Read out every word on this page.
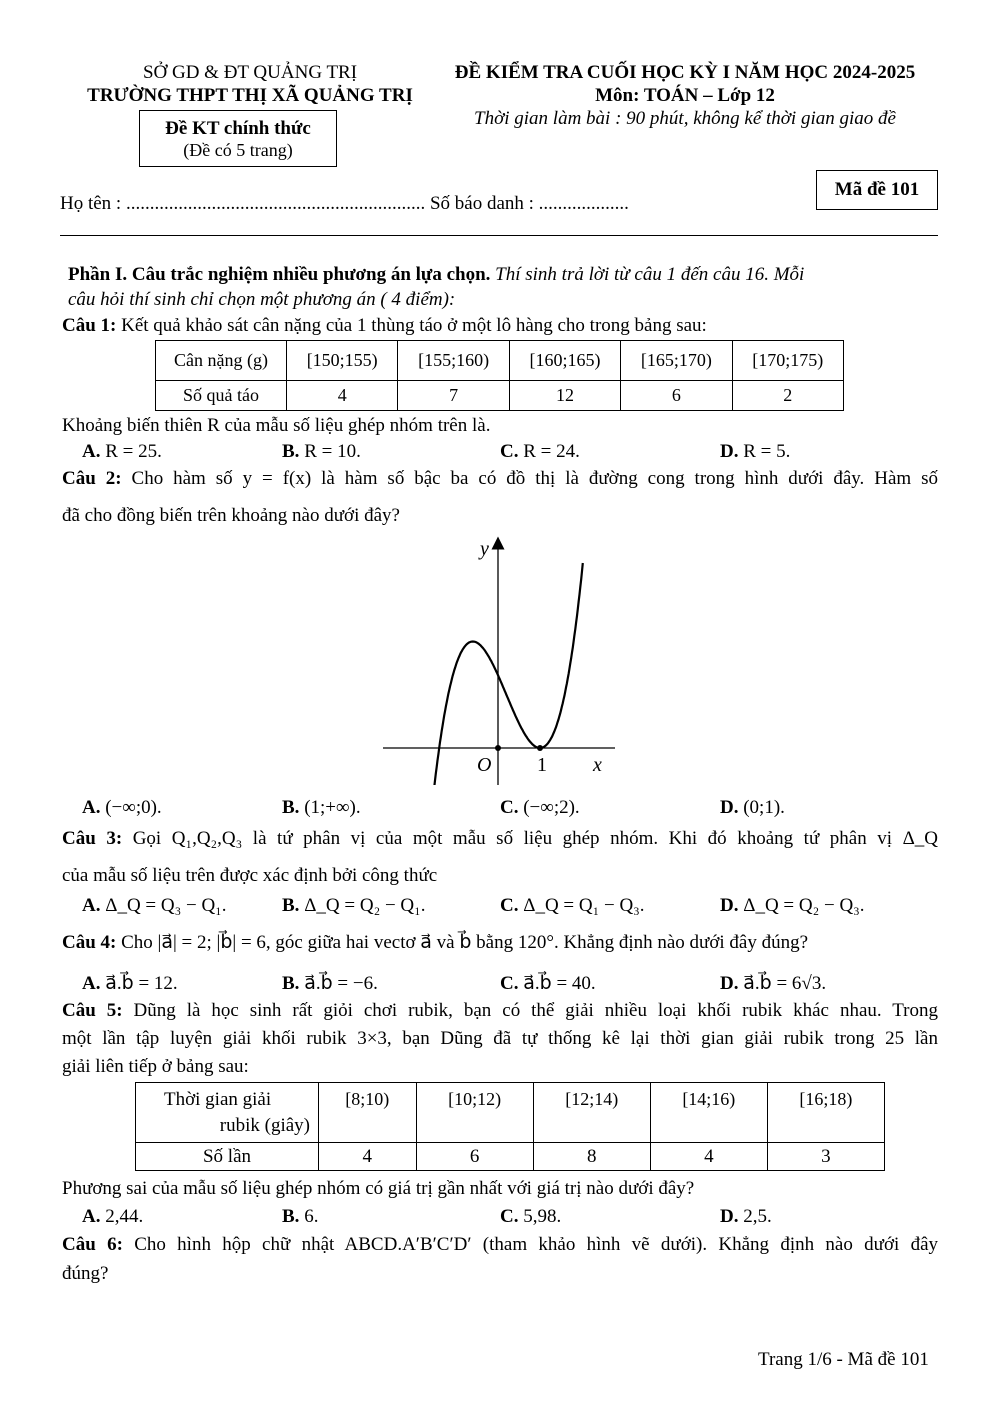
SỞ GD & ĐT QUẢNG TRỊ
TRƯỜNG THPT THỊ XÃ QUẢNG TRỊ
Đề KT chính thức
(Đề có 5 trang)
ĐỀ KIỂM TRA CUỐI HỌC KỲ I NĂM HỌC 2024-2025
Môn: TOÁN – Lớp 12
Thời gian làm bài : 90 phút, không kể thời gian giao đề
Mã đề 101
Họ tên : ............................................................... Số báo danh : ...................
Phần I. Câu trắc nghiệm nhiều phương án lựa chọn. Thí sinh trả lời từ câu 1 đến câu 16. Mỗi
câu hỏi thí sinh chỉ chọn một phương án ( 4 điểm):
Câu 1: Kết quả khảo sát cân nặng của 1 thùng táo ở một lô hàng cho trong bảng sau:
Cân nặng (g)	[150;155)	[155;160)	[160;165)	[165;170)	[170;175)
Số quả táo	4	7	12	6	2
Khoảng biến thiên R của mẫu số liệu ghép nhóm trên là.
A. R = 25.	B. R = 10.	C. R = 24.	D. R = 5.
Câu 2: Cho hàm số y = f(x) là hàm số bậc ba có đồ thị là đường cong trong hình dưới đây. Hàm số
đã cho đồng biến trên khoảng nào dưới đây?
y
x
O 1
A. (−∞;0).	B. (1;+∞).	C. (−∞;2).	D. (0;1).
Câu 3: Gọi Q₁,Q₂,Q₃ là tứ phân vị của một mẫu số liệu ghép nhóm. Khi đó khoảng tứ phân vị Δ_Q
của mẫu số liệu trên được xác định bởi công thức
A. Δ_Q = Q₃ − Q₁.	B. Δ_Q = Q₂ − Q₁.	C. Δ_Q = Q₁ − Q₃.	D. Δ_Q = Q₂ − Q₃.
Câu 4: Cho |a⃗| = 2; |b⃗| = 6, góc giữa hai vectơ a⃗ và b⃗ bằng 120°. Khẳng định nào dưới đây đúng?
A. a⃗.b⃗ = 12.	B. a⃗.b⃗ = −6.	C. a⃗.b⃗ = 40.	D. a⃗.b⃗ = 6√3.
Câu 5: Dũng là học sinh rất giỏi chơi rubik, bạn có thể giải nhiều loại khối rubik khác nhau. Trong
một lần tập luyện giải khối rubik 3×3, bạn Dũng đã tự thống kê lại thời gian giải rubik trong 25 lần
giải liên tiếp ở bảng sau:
Thời gian giải
rubik (giây)	[8;10)	[10;12)	[12;14)	[14;16)	[16;18)
Số lần	4	6	8	4	3
Phương sai của mẫu số liệu ghép nhóm có giá trị gần nhất với giá trị nào dưới đây?
A. 2,44.	B. 6.	C. 5,98.	D. 2,5.
Câu 6: Cho hình hộp chữ nhật ABCD.A′B′C′D′ (tham khảo hình vẽ dưới). Khẳng định nào dưới đây
đúng?
Trang 1/6 - Mã đề 101
